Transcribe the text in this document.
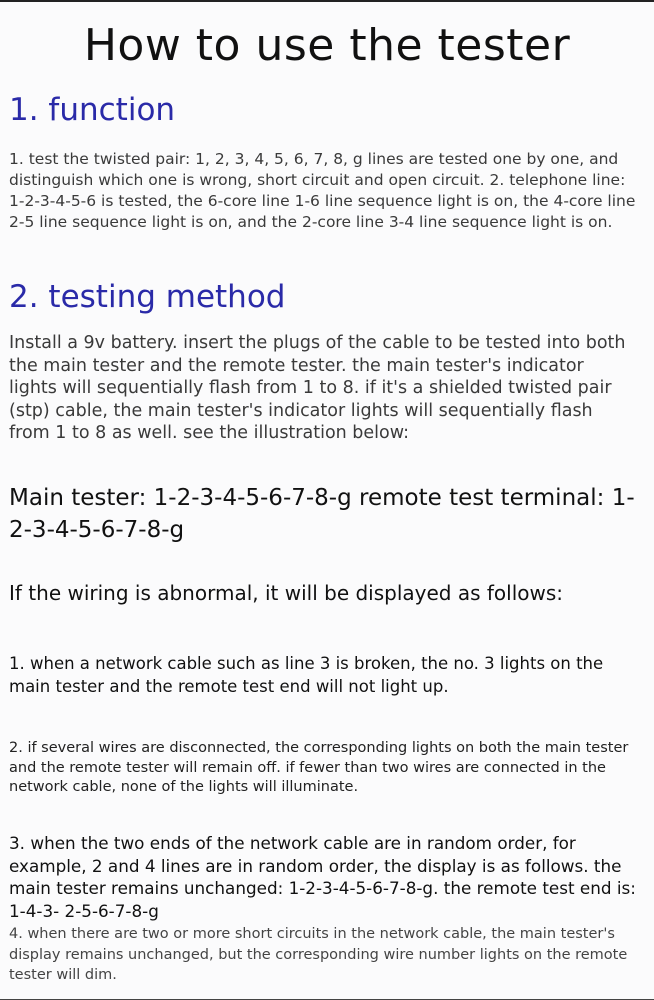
How to use the tester
1. function

1. test the twisted pair: 1, 2, 3, 4, 5, 6, 7, 8, g lines are tested one by one, and distinguish which one is wrong, short circuit and open circuit. 2. telephone line: 1-2-3-4-5-6 is tested, the 6-core line 1-6 line sequence light is on, the 4-core line 2-5 line sequence light is on, and the 2-core line 3-4 line sequence light is on.

2. testing method

Install a 9v battery. insert the plugs of the cable to be tested into both the main tester and the remote tester. the main tester's indicator lights will sequentially flash from 1 to 8. if it's a shielded twisted pair (stp) cable, the main tester's indicator lights will sequentially flash from 1 to 8 as well. see the illustration below:

Main tester: 1-2-3-4-5-6-7-8-g remote test terminal: 1-2-3-4-5-6-7-8-g

If the wiring is abnormal, it will be displayed as follows:

1. when a network cable such as line 3 is broken, the no. 3 lights on the main tester and the remote test end will not light up.

2. if several wires are disconnected, the corresponding lights on both the main tester and the remote tester will remain off. if fewer than two wires are connected in the network cable, none of the lights will illuminate.

3. when the two ends of the network cable are in random order, for example, 2 and 4 lines are in random order, the display is as follows. the main tester remains unchanged: 1-2-3-4-5-6-7-8-g. the remote test end is: 1-4-3- 2-5-6-7-8-g

4. when there are two or more short circuits in the network cable, the main tester's display remains unchanged, but the corresponding wire number lights on the remote tester will dim.
